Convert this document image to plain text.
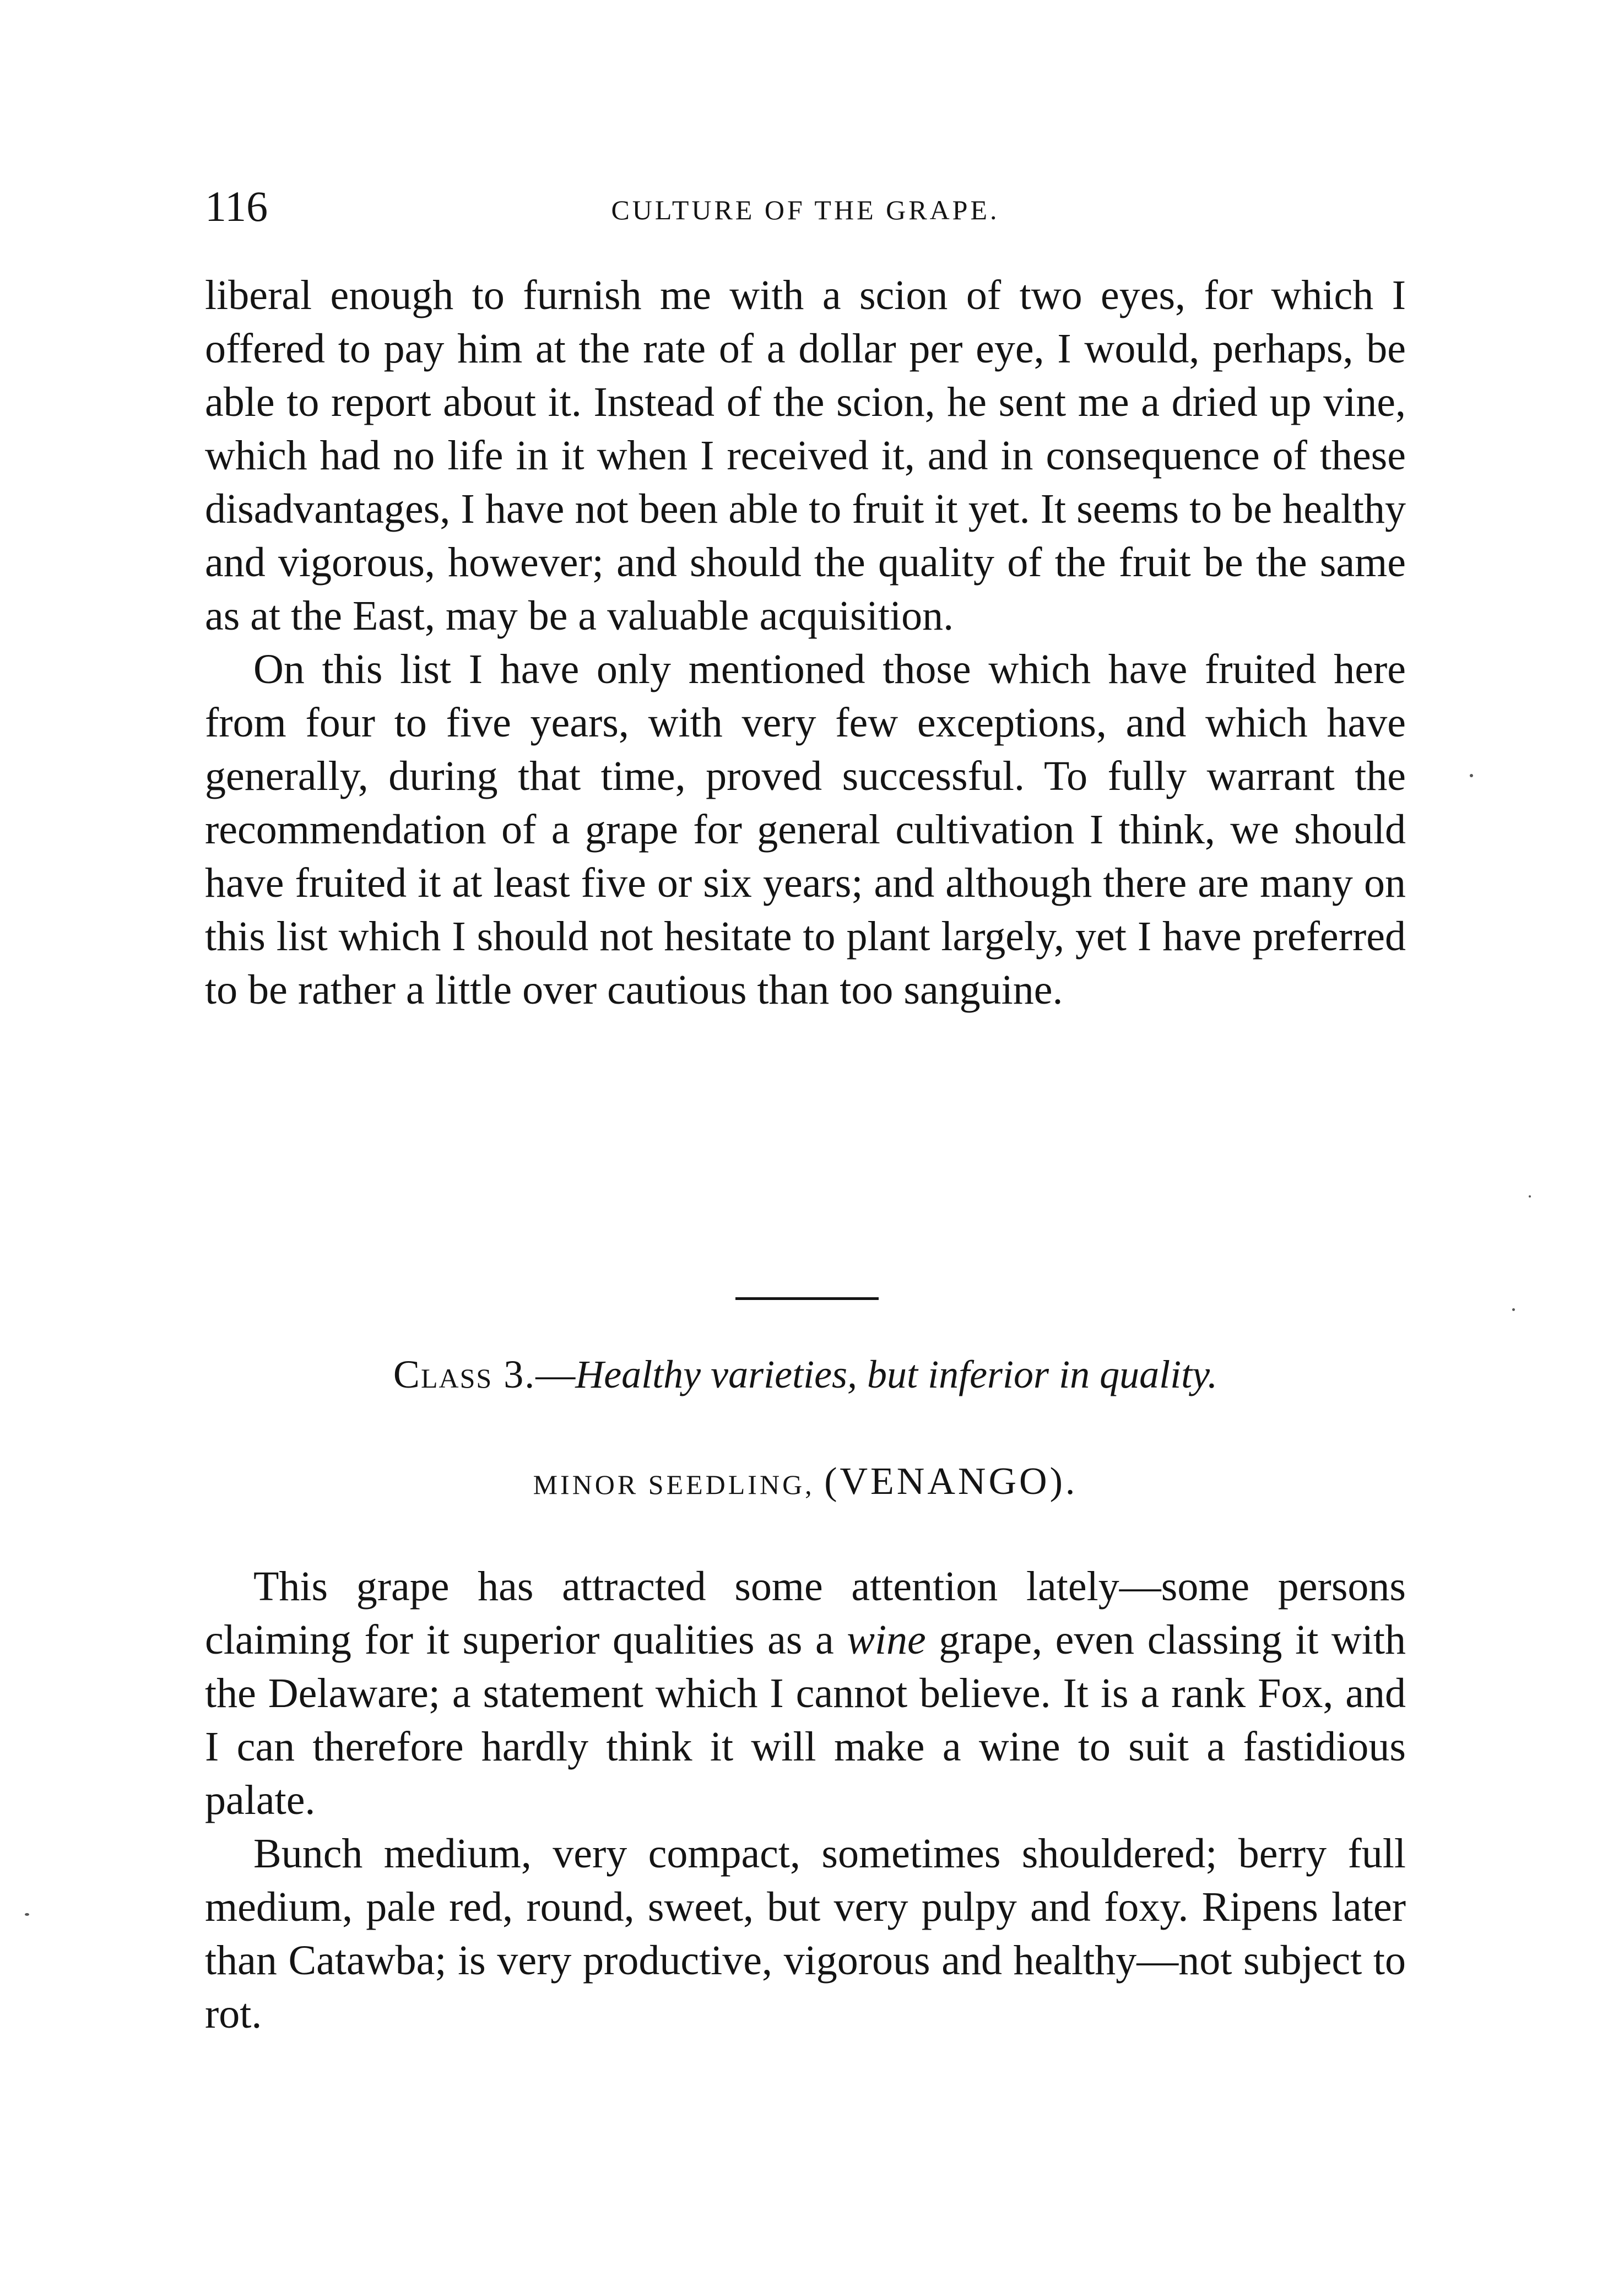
116	CULTURE OF THE GRAPE.

liberal enough to furnish me with a scion of two eyes, for which I offered to pay him at the rate of a dollar per eye, I would, perhaps, be able to report about it. Instead of the scion, he sent me a dried up vine, which had no life in it when I received it, and in consequence of these disadvantages, I have not been able to fruit it yet. It seems to be healthy and vigorous, however; and should the quality of the fruit be the same as at the East, may be a valuable acquisition.

On this list I have only mentioned those which have fruited here from four to five years, with very few exceptions, and which have generally, during that time, proved successful. To fully warrant the recommendation of a grape for general cultivation I think, we should have fruited it at least five or six years; and although there are many on this list which I should not hesitate to plant largely, yet I have preferred to be rather a little over cautious than too sanguine.

Class 3.—Healthy varieties, but inferior in quality.
MINOR SEEDLING, (VENANGO).

This grape has attracted some attention lately—some persons claiming for it superior qualities as a wine grape, even classing it with the Delaware; a statement which I cannot believe. It is a rank Fox, and I can therefore hardly think it will make a wine to suit a fastidious palate.

Bunch medium, very compact, sometimes shouldered; berry full medium, pale red, round, sweet, but very pulpy and foxy. Ripens later than Catawba; is very productive, vigorous and healthy—not subject to rot.
